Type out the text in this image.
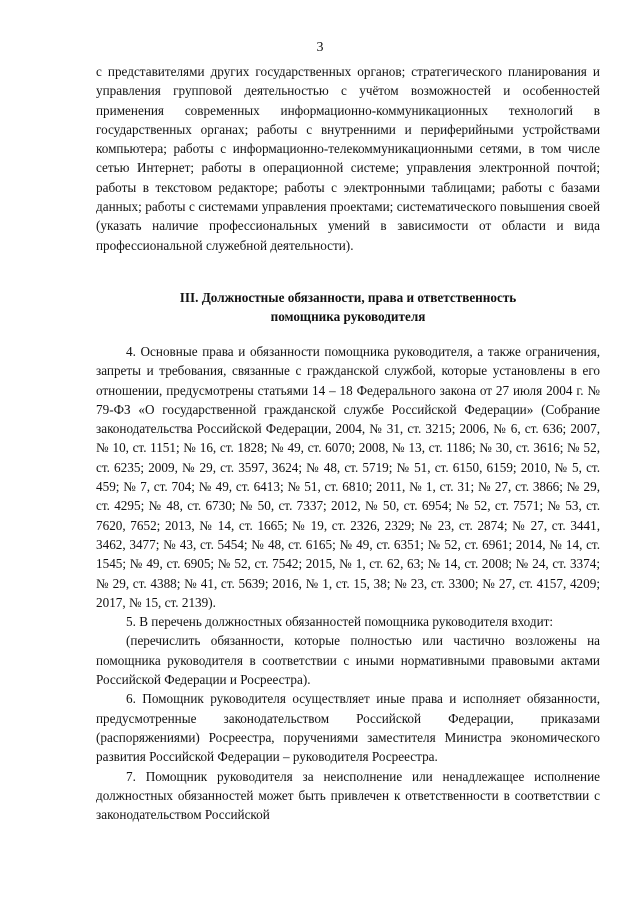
3

с представителями других государственных органов; стратегического планирования и управления групповой деятельностью с учётом возможностей и особенностей применения современных информационно-коммуникационных технологий в государственных органах; работы с внутренними и периферийными устройствами компьютера; работы с информационно-телекоммуникационными сетями, в том числе сетью Интернет; работы в операционной системе; управления электронной почтой; работы в текстовом редакторе; работы с электронными таблицами; работы с базами данных; работы с системами управления проектами; систематического повышения своей (указать наличие профессиональных умений в зависимости от области и вида профессиональной служебной деятельности).

III. Должностные обязанности, права и ответственность
помощника руководителя

4. Основные права и обязанности помощника руководителя, а также ограничения, запреты и требования, связанные с гражданской службой, которые установлены в его отношении, предусмотрены статьями 14 – 18 Федерального закона от 27 июля 2004 г. № 79-ФЗ «О государственной гражданской службе Российской Федерации» (Собрание законодательства Российской Федерации, 2004, № 31, ст. 3215; 2006, № 6, ст. 636; 2007, № 10, ст. 1151; № 16, ст. 1828; № 49, ст. 6070; 2008, № 13, ст. 1186; № 30, ст. 3616; № 52, ст. 6235; 2009, № 29, ст. 3597, 3624; № 48, ст. 5719; № 51, ст. 6150, 6159; 2010, № 5, ст. 459; № 7, ст. 704; № 49, ст. 6413; № 51, ст. 6810; 2011, № 1, ст. 31; № 27, ст. 3866; № 29, ст. 4295; № 48, ст. 6730; № 50, ст. 7337; 2012, № 50, ст. 6954; № 52, ст. 7571; № 53, ст. 7620, 7652; 2013, № 14, ст. 1665; № 19, ст. 2326, 2329; № 23, ст. 2874; № 27, ст. 3441, 3462, 3477; № 43, ст. 5454; № 48, ст. 6165; № 49, ст. 6351; № 52, ст. 6961; 2014, № 14, ст. 1545; № 49, ст. 6905; № 52, ст. 7542; 2015, № 1, ст. 62, 63; № 14, ст. 2008; № 24, ст. 3374; № 29, ст. 4388; № 41, ст. 5639; 2016, № 1, ст. 15, 38; № 23, ст. 3300; № 27, ст. 4157, 4209; 2017, № 15, ст. 2139).

5. В перечень должностных обязанностей помощника руководителя входит:

(перечислить обязанности, которые полностью или частично возложены на помощника руководителя в соответствии с иными нормативными правовыми актами Российской Федерации и Росреестра).

6. Помощник руководителя осуществляет иные права и исполняет обязанности, предусмотренные законодательством Российской Федерации, приказами (распоряжениями) Росреестра, поручениями заместителя Министра экономического развития Российской Федерации – руководителя Росреестра.

7. Помощник руководителя за неисполнение или ненадлежащее исполнение должностных обязанностей может быть привлечен к ответственности в соответствии с законодательством Российской
